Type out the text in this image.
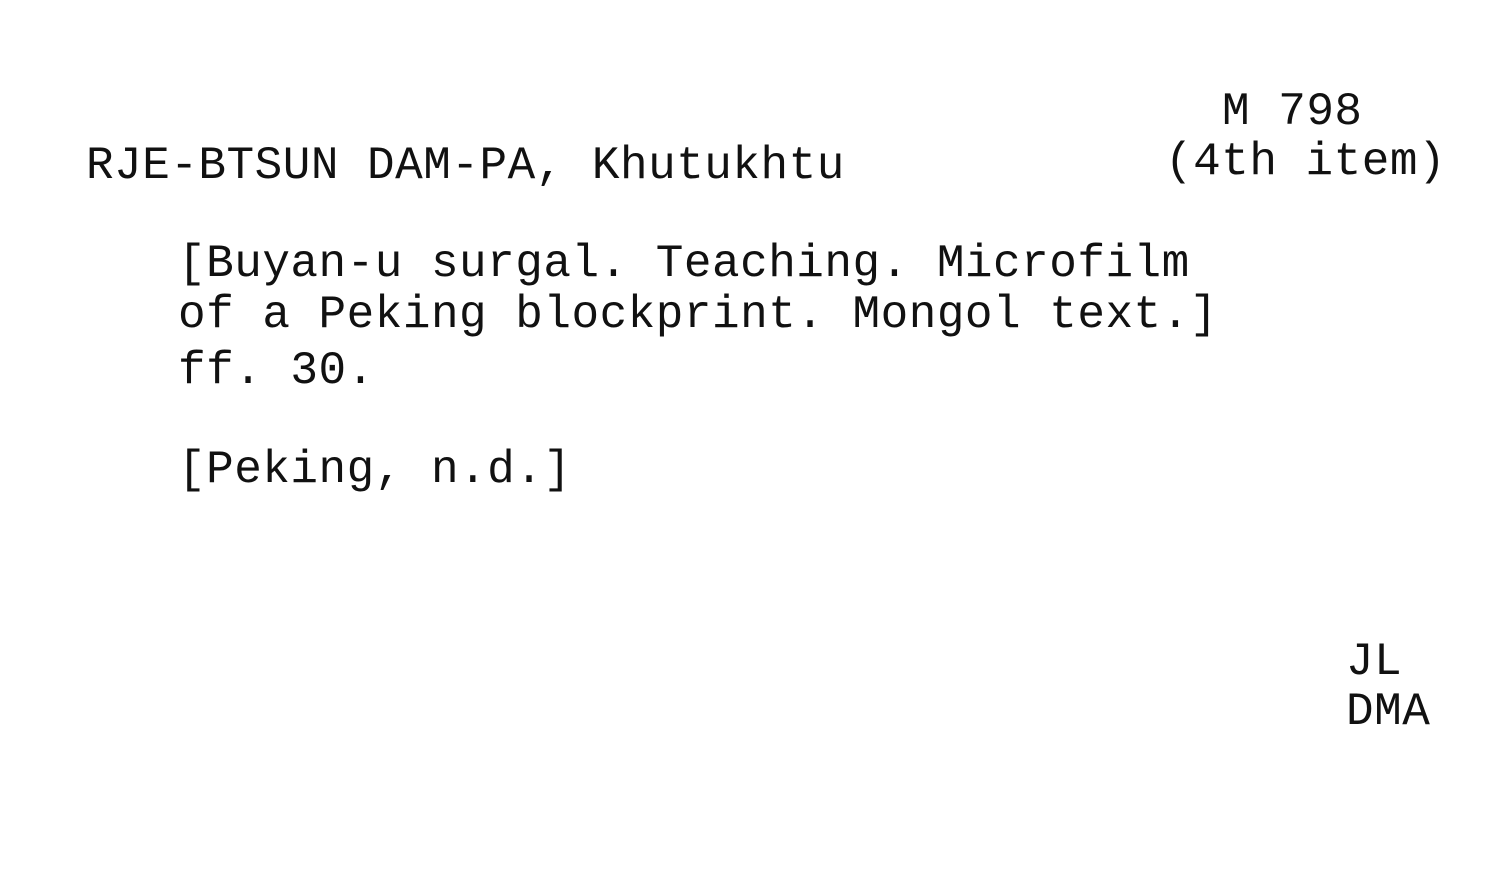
M 798
(4th item)
RJE-BTSUN DAM-PA, Khutukhtu
[Buyan-u surgal. Teaching. Microfilm
of a Peking blockprint. Mongol text.]
ff. 30.
[Peking, n.d.]
JL
DMA
